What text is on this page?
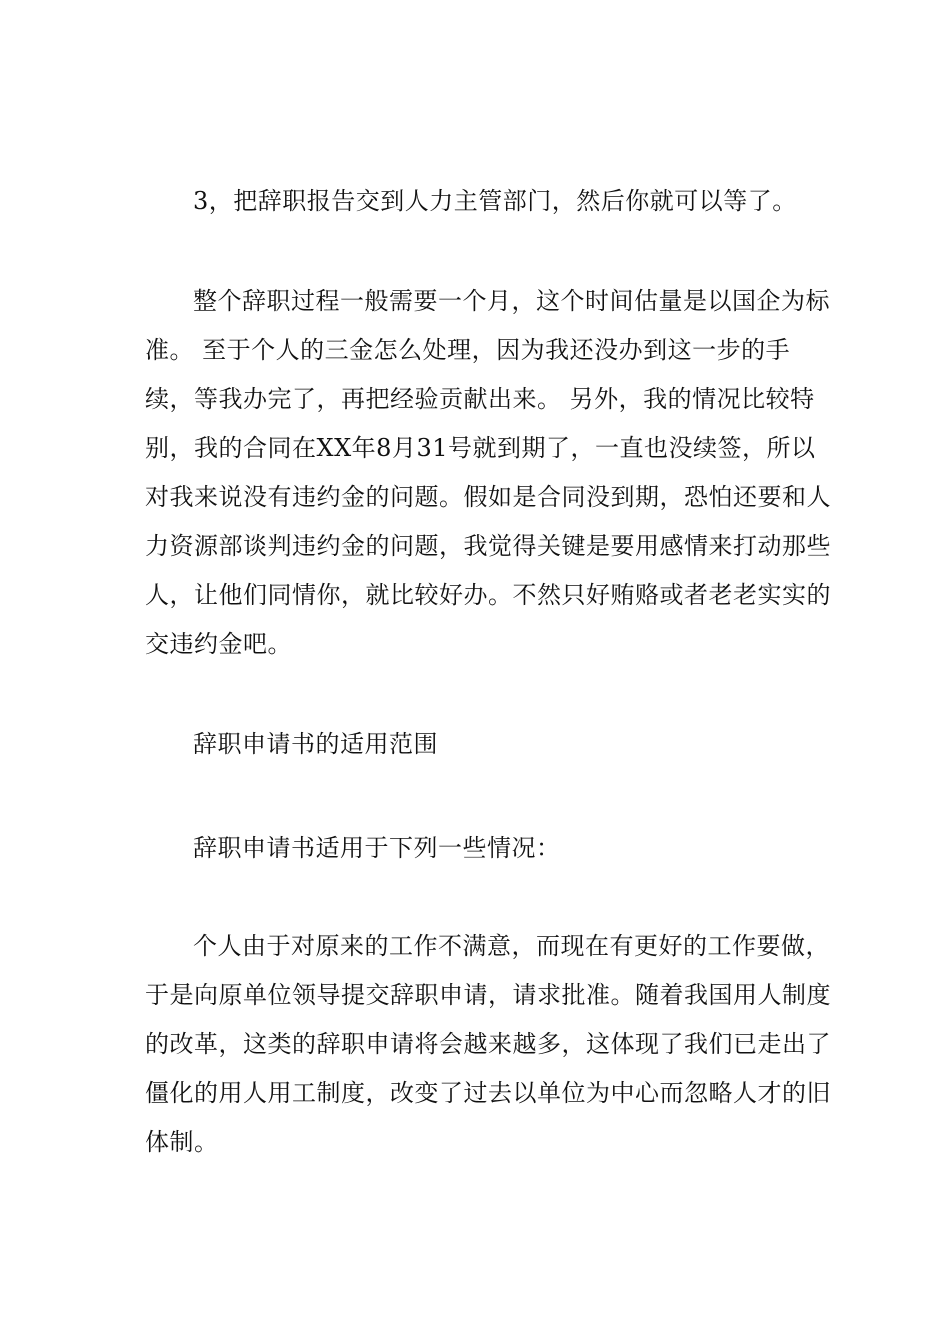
3，把辞职报告交到人力主管部门，然后你就可以等了。

整个辞职过程一般需要一个月，这个时间估量是以国企为标准。 至于个人的三金怎么处理，因为我还没办到这一步的手续，等我办完了，再把经验贡献出来。 另外，我的情况比较特别，我的合同在XX年8月31号就到期了，一直也没续签，所以对我来说没有违约金的问题。假如是合同没到期，恐怕还要和人力资源部谈判违约金的问题，我觉得关键是要用感情来打动那些人，让他们同情你，就比较好办。不然只好贿赂或者老老实实的交违约金吧。

辞职申请书的适用范围

辞职申请书适用于下列一些情况：

个人由于对原来的工作不满意，而现在有更好的工作要做，于是向原单位领导提交辞职申请，请求批准。随着我国用人制度的改革，这类的辞职申请将会越来越多，这体现了我们已走出了僵化的用人用工制度，改变了过去以单位为中心而忽略人才的旧体制。
